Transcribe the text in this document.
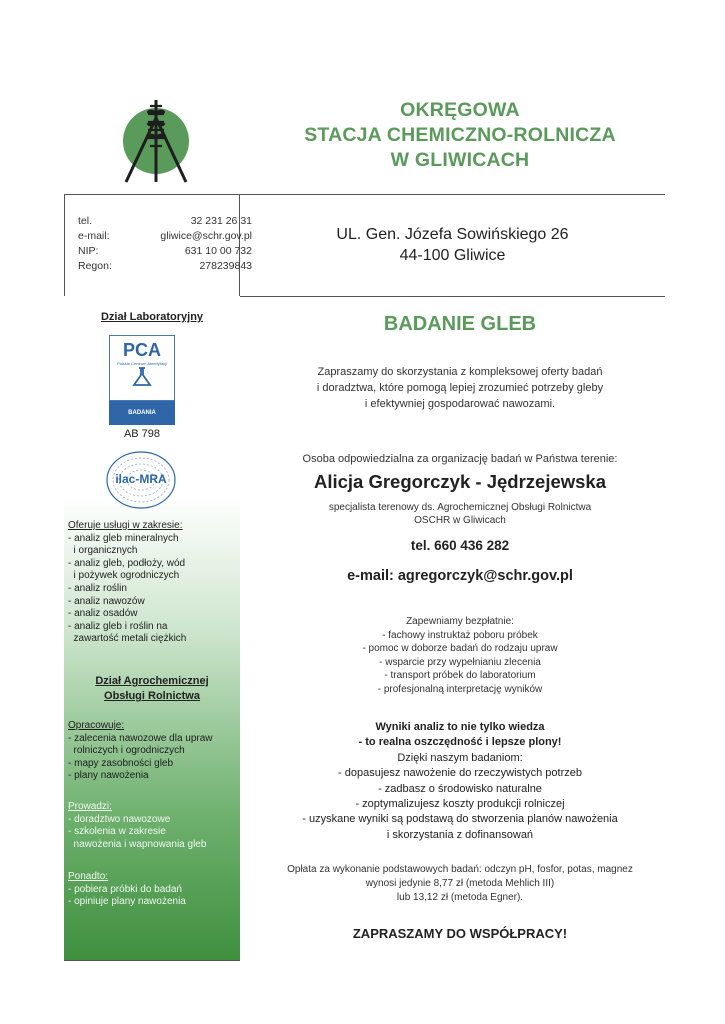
OKRĘGOWA
STACJA CHEMICZNO-ROLNICZA
W GLIWICACH
tel.	32 231 26 31
e-mail:	gliwice@schr.gov.pl
NIP:	631 10 00 732
Regon:	278239843
UL. Gen. Józefa Sowińskiego 26
44-100 Gliwice
Dział Laboratoryjny
PCA
Polskie Centrum Akredytacji
BADANIA
AB 798
ilac-MRA
Oferuje usługi w zakresie:
- analiz gleb mineralnych
i organicznych
- analiz gleb, podłoży, wód
i pożywek ogrodniczych
- analiz roślin
- analiz nawozów
- analiz osadów
- analiz gleb i roślin na
zawartość metali ciężkich
Dział Agrochemicznej
Obsługi Rolnictwa
Opracowuje:
- zalecenia nawozowe dla upraw
rolniczych i ogrodniczych
- mapy zasobności gleb
- plany nawożenia
Prowadzi:
- doradztwo nawozowe
- szkolenia w zakresie
nawożenia i wapnowania gleb
Ponadto:
- pobiera próbki do badań
- opiniuje plany nawożenia
BADANIE GLEB
Zapraszamy do skorzystania z kompleksowej oferty badań
i doradztwa, które pomogą lepiej zrozumieć potrzeby gleby
i efektywniej gospodarować nawozami.
Osoba odpowiedzialna za organizację badań w Państwa terenie:
Alicja Gregorczyk - Jędrzejewska
specjalista terenowy ds. Agrochemicznej Obsługi Rolnictwa
OSCHR w Gliwicach
tel. 660 436 282
e-mail: agregorczyk@schr.gov.pl
Zapewniamy bezpłatnie:
- fachowy instruktaż poboru próbek
- pomoc w doborze badań do rodzaju upraw
- wsparcie przy wypełnianiu zlecenia
- transport próbek do laboratorium
- profesjonalną interpretację wyników
Wyniki analiz to nie tylko wiedza
- to realna oszczędność i lepsze plony!
Dzięki naszym badaniom:
- dopasujesz nawożenie do rzeczywistych potrzeb
- zadbasz o środowisko naturalne
- zoptymalizujesz koszty produkcji rolniczej
- uzyskane wyniki są podstawą do stworzenia planów nawożenia
i skorzystania z dofinansowań
Opłata za wykonanie podstawowych badań: odczyn pH, fosfor, potas, magnez
wynosi jedynie 8,77 zł (metoda Mehlich III)
lub 13,12 zł (metoda Egner).
ZAPRASZAMY DO WSPÓŁPRACY!
